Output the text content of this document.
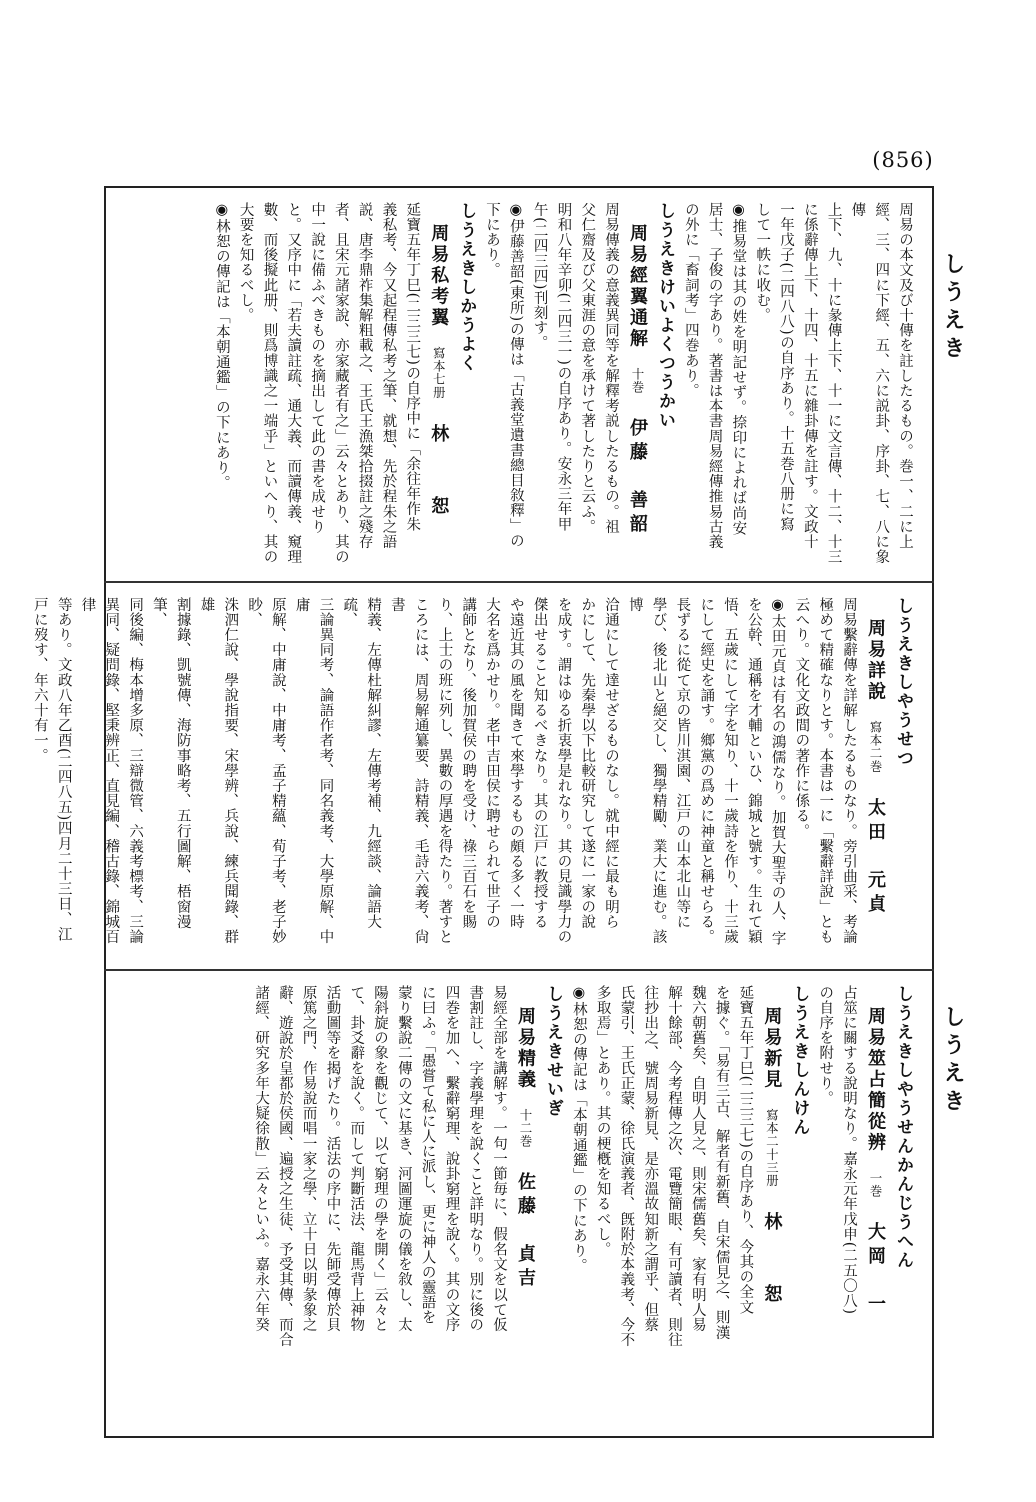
(856)
しうえき
しうえき
周易の本文及び十傳を註したるもの。巻一、二に上
經、三、四に下經、五、六に説卦、序卦、七、八に象傳
上下、九、十に彖傳上下、十一に文言傳、十二、十三
に係辭傳上下、十四、十五に雜卦傳を註す。文政十
一年戊子(二四八八)の自序あり。十五巻八册に寫
して一帙に收む。
◉推易堂は其の姓を明記せず。捺印によれば尚安
居士、子俊の字あり。著書は本書周易經傳推易古義
の外に「畜詞考」四巻あり。
しうえきけいよくつうかい
周易經翼通解十巻伊藤　善韶
周易傳義の意義異同等を解釋考説したるもの。祖
父仁齋及び父東涯の意を承けて著したりと云ふ。
明和八年辛卯(二四三一)の自序あり。安永三年甲
午(二四三四)刊刻す。
◉伊藤善韶(東所)の傳は「古義堂遺書總目敘釋」の
下にあり。
しうえきしかうよく
周易私考翼寫本七册林　　恕
延寶五年丁巳(二三三七)の自序中に「余往年作朱
義私考、今又起程傳私考之筆、就想、先於程朱之語
説、唐李鼎祚集解粗載之、王氏王漁桀拾掇註之殘存
者、且宋元諸家說、亦家藏者有之」云々とあり、其の
中一說に備ふべきものを摘出して此の書を成せり
と。又序中に「若夫讀註疏、通大義、而讀傳義、窺理
數、而後擬此册、則爲博識之一端乎」といへり、其の
大要を知るべし。
◉林恕の傳記は「本朝通鑑」の下にあり。
しうえきしやうせつ
周易詳說寫本二巻太田　元貞
周易繫辭傳を詳解したるものなり。旁引曲采、考論
極めて精確なりとす。本書は一に「繫辭詳說」とも
云へり。文化文政間の著作に係る。
◉太田元貞は有名の鴻儒なり。加賀大聖寺の人、字
を公幹、通稱を才輔といひ、錦城と號す。生れて穎
悟、五歲にして字を知り、十一歲詩を作り、十三歲
にして經史を誦す。鄉黨の爲めに神童と稱せらる。
長ずるに從て京の皆川淇園、江戸の山本北山等に
學び、後北山と絕交し、獨學精勵、業大に進む。該博
洽通にして達せざるものなし。就中經に最も明ら
かにして、先秦學以下比較研究して遂に一家の說
を成す。謂はゆる折衷學是れなり。其の見識學力の
傑出せること知るべきなり。其の江戸に教授する
や遠近其の風を聞きて來學するもの頗る多く一時
大名を爲かせり。老中吉田侯に聘せられて世子の
講師となり、後加賀侯の聘を受け、祿三百石を賜
り、上士の班に列し、異數の厚遇を得たり。著すと
ころには、周易解通纂要、詩精義、毛詩六義考、尙書
精義、左傳杜解糾謬、左傳考補、九經談、論語大疏、
三論異同考、論語作者考、同名義考、大學原解、中庸
原解、中庸說、中庸考、孟子精蘊、荀子考、老子妙眇、
洙泗仁說、學說指要、宋學辨、兵說、練兵聞錄、群雄
割據錄、凱號傳、海防事略考、五行圖解、梧窗漫筆、
同後編、梅本增多原、三辯微管、六義考標考、三論
異同、疑問錄、堅秉辨正、直見編、稽古錄、錦城百律
等あり。文政八年乙酉(二四八五)四月二十三日、江
戸に歿す、年六十有一。
しうえきしやうせんかんじうへん
周易筮占簡從辨一巻大岡　一
占筮に關する說明なり。嘉永元年戊申(二五〇八)
の自序を附せり。
しうえきしんけん
周易新見寫本二十三册林　　恕
延寶五年丁巳(二三三七)の自序あり、今其の全文
を據ぐ。「易有三古、解者有新舊、自宋儒見之、則漢
魏六朝舊矣、自明人見之、則宋儒舊矣、家有明人易
解十餘部、今考程傳之次、電覽簡眼、有可讀者、則往
往抄出之、號周易新見、是亦溫故知新之謂乎、但蔡
氏蒙引、王氏正蒙、徐氏演義者、旣附於本義考、今不
多取焉」とあり。其の梗槪を知るべし。
◉林恕の傳記は「本朝通鑑」の下にあり。
しうえきせいぎ
周易精義十二巻佐藤　貞吉
易經全部を講解す。一句一節毎に、假名文を以て仮
書割註し、字義學理を說くこと詳明なり。別に後の
四巻を加へ、繫辭窮理、說卦窮理を說く。其の文序
に曰ふ。「愚嘗て私に人に派し、更に神人の靈語を
蒙り繫說二傳の文に基き、河圖運旋の儀を敘し、太
陽斜旋の象を觀じて、以て窮理の學を開く」云々と
て、卦爻辭を說く。而して判斷活法、龍馬背上神物
活動圖等を揭げたり。活法の序中に、先師受傳於貝
原篤之門、作易說而唱一家之學、立十日以明彖象之
辭、遊說於皇都於侯國、遍授之生徒、予受其傳、而合
諸經、研究多年大疑徐散」云々といふ。嘉永六年癸
